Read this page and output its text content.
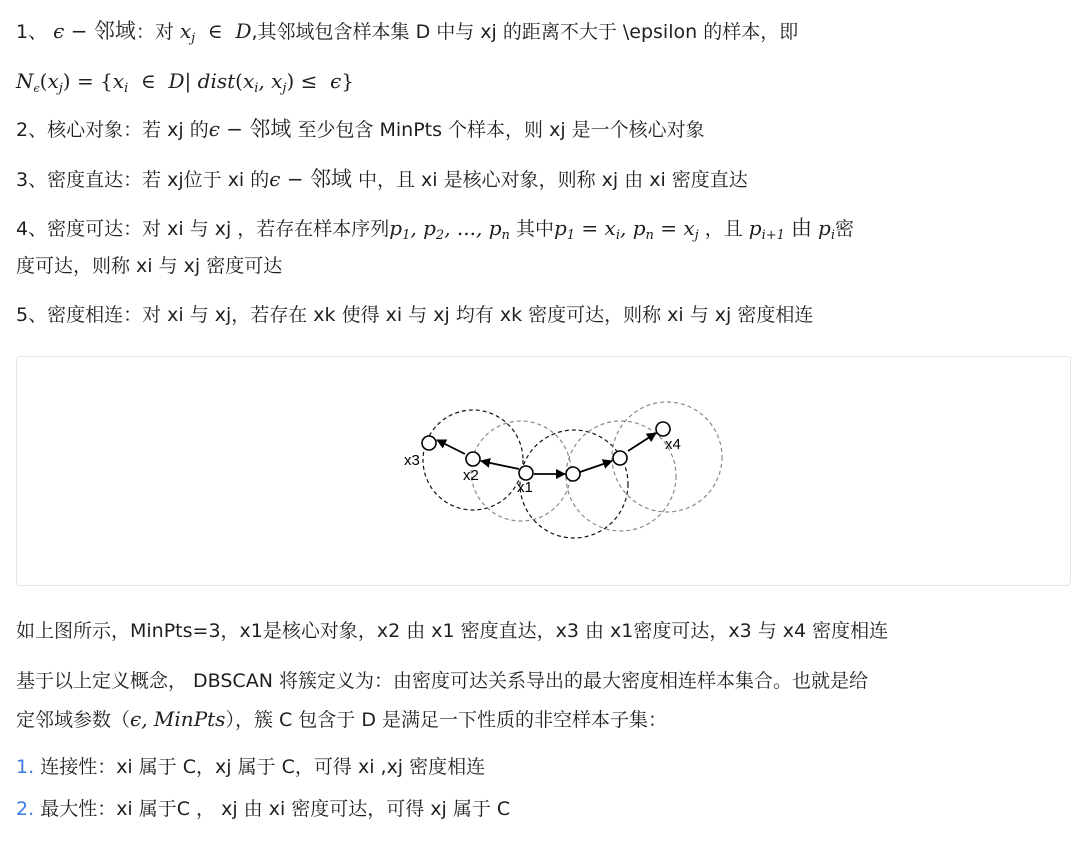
1、 ϵ − 邻域：对 $x_j$ ∈  D,其邻域包含样本集 D 中与 xj 的距离不大于 \epsilon 的样本，即
$N_\epsilon(x_j) = \{x_i$ ∈  D| $dist(x_i$, $x_j) \le \epsilon$}
2、核心对象：若 xj 的ϵ − 邻域 至少包含 MinPts 个样本，则 xj 是一个核心对象
3、密度直达：若 xj位于 xi 的ϵ − 邻域 中，且 xi 是核心对象，则称 xj 由 xi 密度直达
4、密度可达：对 xi 与 xj ，若存在样本序列$p_1$, $p_2$, ..., $p_n$ 其中$p_1 = x_i$, $p_n = x_j$ ，且 $p_{i+1}$ 由 $p_i$密
度可达，则称 xi 与 xj 密度可达
5、密度相连：对 xi 与 xj，若存在 xk 使得 xi 与 xj 均有 xk 密度可达，则称 xi 与 xj 密度相连
x3
x2
x1
x4
如上图所示，MinPts=3，x1是核心对象，x2 由 x1 密度直达，x3 由 x1密度可达，x3 与 x4 密度相连
基于以上定义概念， DBSCAN 将簇定义为：由密度可达关系导出的最大密度相连样本集合。也就是给
定邻域参数（ϵ, MinPts），簇 C 包含于 D 是满足一下性质的非空样本子集：
1. 连接性：xi 属于 C，xj 属于 C，可得 xi ,xj 密度相连
2. 最大性：xi 属于C ， xj 由 xi 密度可达，可得 xj 属于 C
